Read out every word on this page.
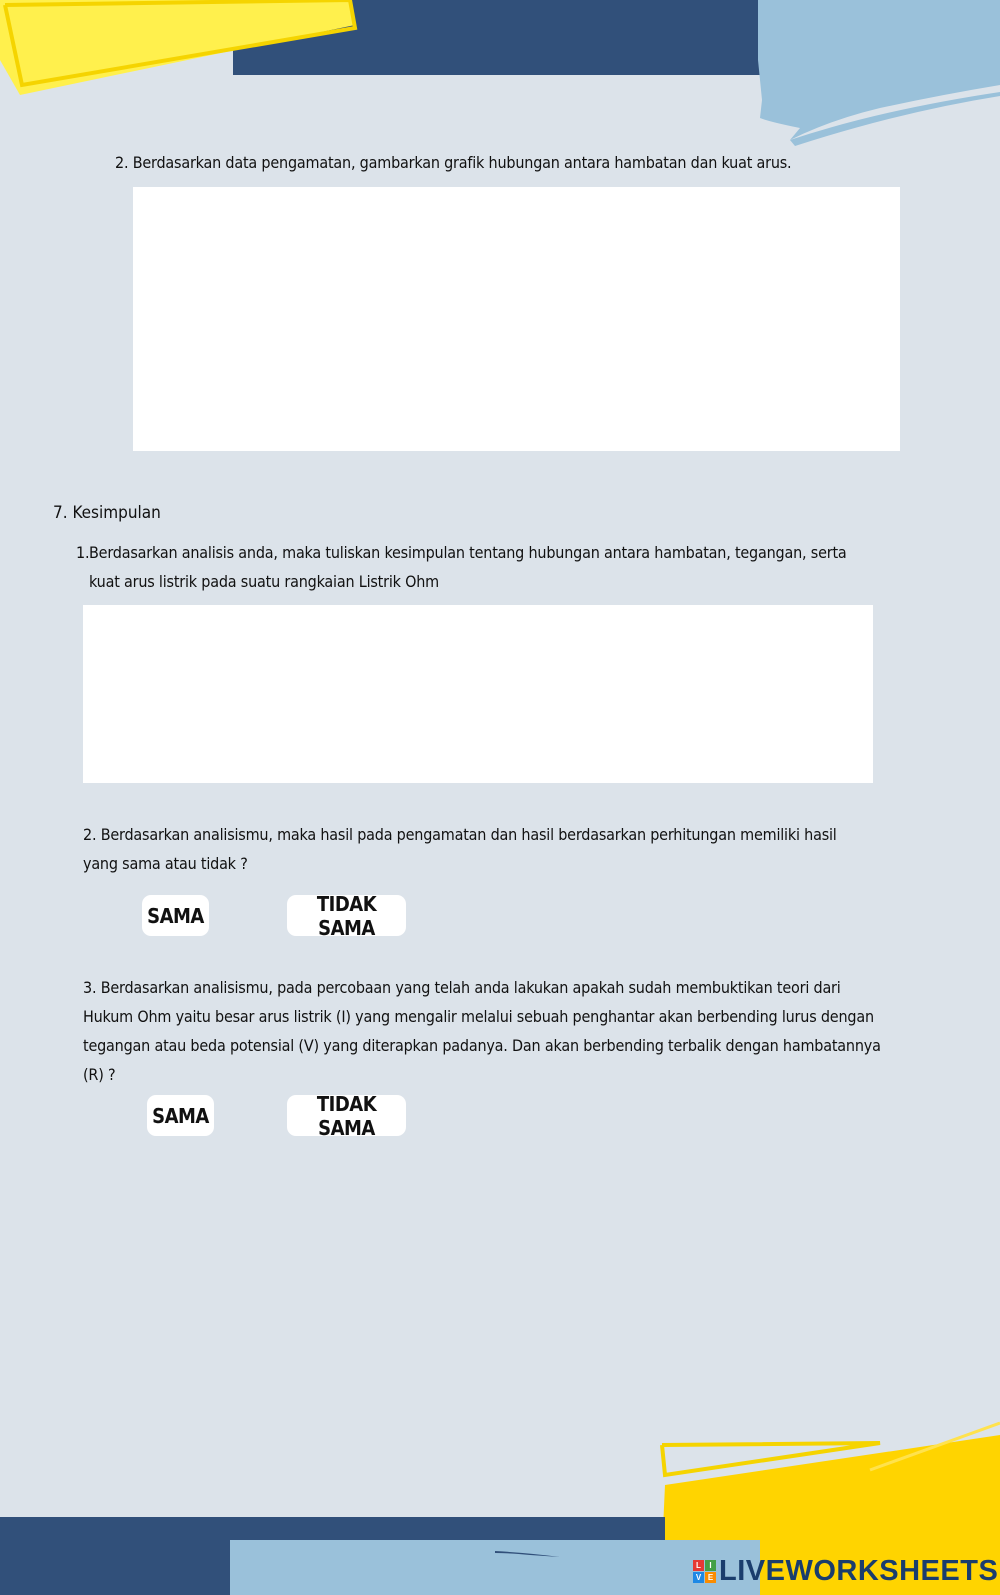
2. Berdasarkan data pengamatan, gambarkan grafik hubungan antara hambatan dan kuat arus.

7. Kesimpulan
1. Berdasarkan analisis anda, maka tuliskan kesimpulan tentang hubungan antara hambatan, tegangan, serta kuat arus listrik pada suatu rangkaian Listrik Ohm

2. Berdasarkan analisismu, maka hasil pada pengamatan dan hasil berdasarkan perhitungan memiliki hasil yang sama atau tidak ?

SAMA	TIDAK SAMA

3. Berdasarkan analisismu, pada percobaan yang telah anda lakukan apakah sudah membuktikan teori dari Hukum Ohm yaitu besar arus listrik (I) yang mengalir melalui sebuah penghantar akan berbending lurus dengan tegangan atau beda potensial (V) yang diterapkan padanya. Dan akan berbending terbalik dengan hambatannya (R) ?

SAMA	TIDAK SAMA
L	I
V E LIVEWORKSHEETS
